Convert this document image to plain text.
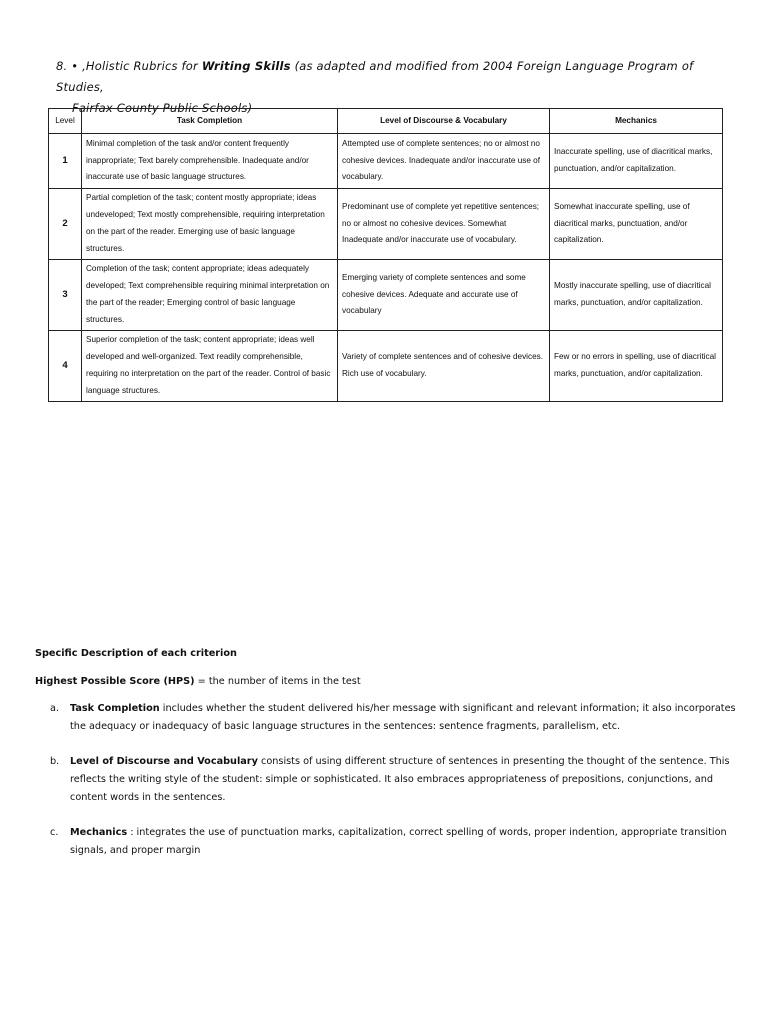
8. • ,Holistic Rubrics for Writing Skills (as adapted and modified from 2004 Foreign Language Program of Studies,
Fairfax County Public Schools)
Level	Task Completion	Level of Discourse & Vocabulary	Mechanics
1	Minimal completion of the task and/or content frequently inappropriate; Text barely comprehensible. Inadequate and/or inaccurate use of basic language structures.	Attempted use of complete sentences; no or almost no cohesive devices. Inadequate and/or inaccurate use of vocabulary.	Inaccurate spelling, use of diacritical marks, punctuation, and/or capitalization.
2	Partial completion of the task; content mostly appropriate; ideas undeveloped; Text mostly comprehensible, requiring interpretation on the part of the reader. Emerging use of basic language structures.	Predominant use of complete yet repetitive sentences; no or almost no cohesive devices. Somewhat Inadequate and/or inaccurate use of vocabulary.	Somewhat inaccurate spelling, use of diacritical marks, punctuation, and/or capitalization.
3	Completion of the task; content appropriate; ideas adequately developed; Text comprehensible requiring minimal interpretation on the part of the reader; Emerging control of basic language structures.	Emerging variety of complete sentences and some cohesive devices. Adequate and accurate use of vocabulary	Mostly inaccurate spelling, use of diacritical marks, punctuation, and/or capitalization.
4	Superior completion of the task; content appropriate; ideas well developed and well-organized. Text readily comprehensible, requiring no interpretation on the part of the reader. Control of basic language structures.	Variety of complete sentences and of cohesive devices. Rich use of vocabulary.	Few or no errors in spelling, use of diacritical marks, punctuation, and/or capitalization.
Specific Description of each criterion
Highest Possible Score (HPS) = the number of items in the test
a. Task Completion includes whether the student delivered his/her message with significant and relevant information; it also incorporates the adequacy or inadequacy of basic language structures in the sentences: sentence fragments, parallelism, etc.
b. Level of Discourse and Vocabulary consists of using different structure of sentences in presenting the thought of the sentence. This reflects the writing style of the student: simple or sophisticated. It also embraces appropriateness of prepositions, conjunctions, and content words in the sentences.
c. Mechanics : integrates the use of punctuation marks, capitalization, correct spelling of words, proper indention, appropriate transition signals, and proper margin
